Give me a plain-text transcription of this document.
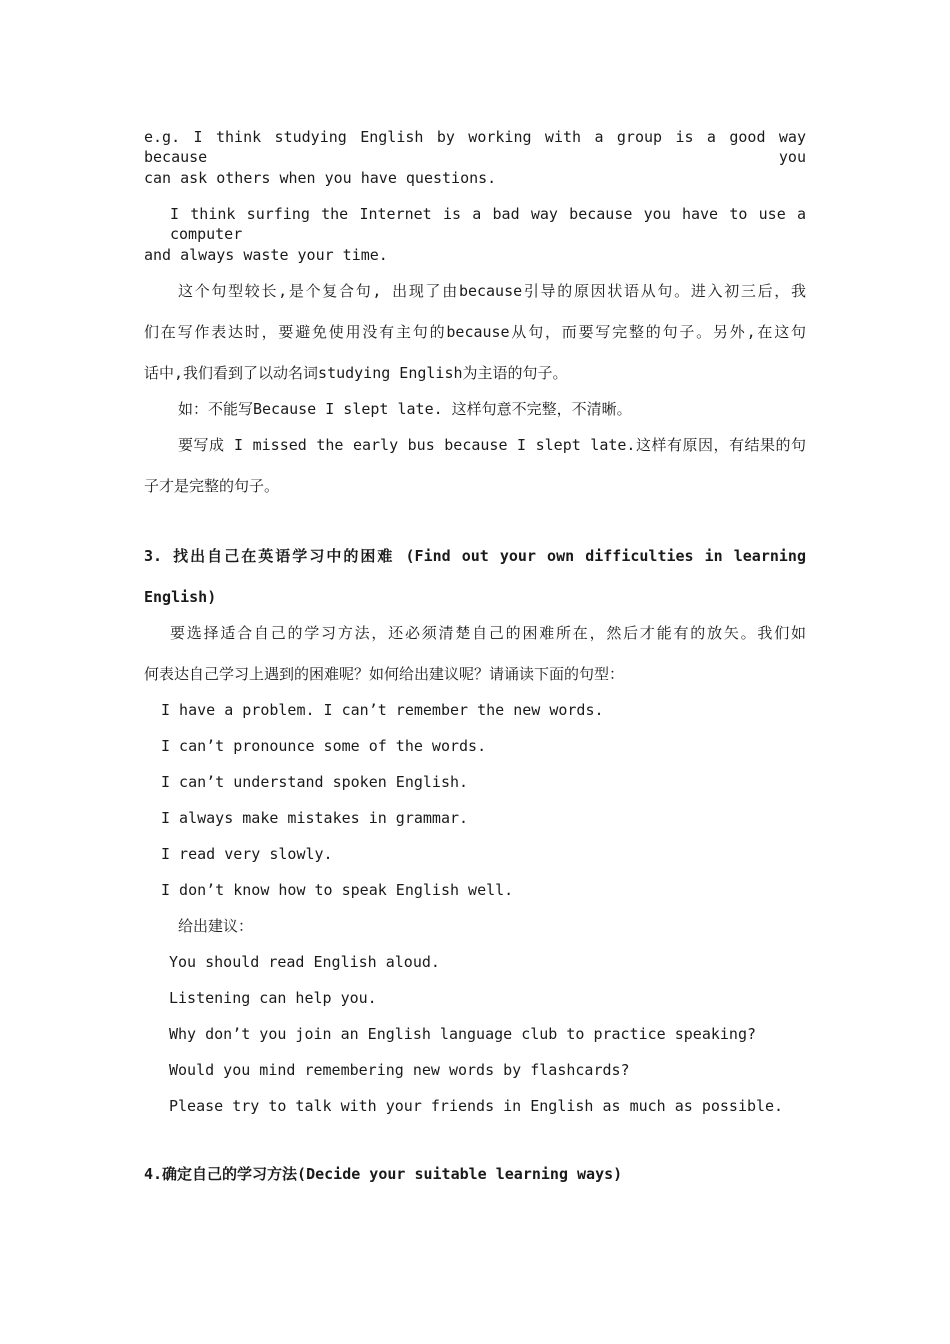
e.g. I think studying English by working with a group is a good way because you
can ask others when you have questions.
I think surfing the Internet is a bad way because you have to use a computer
and always waste your time.
这个句型较长,是个复合句, 出现了由because引导的原因状语从句。进入初三后，我
们在写作表达时，要避免使用没有主句的because从句，而要写完整的句子。另外,在这句
话中,我们看到了以动名词studying English为主语的句子。
如：不能写Because I slept late. 这样句意不完整，不清晰。
要写成 I missed the early bus because I slept late.这样有原因，有结果的句
子才是完整的句子。
3. 找出自己在英语学习中的困难 (Find out your own difficulties in learning
English)
要选择适合自己的学习方法，还必须清楚自己的困难所在，然后才能有的放矢。我们如
何表达自己学习上遇到的困难呢？如何给出建议呢？请诵读下面的句型：
I have a problem. I can’t remember the new words.
I can’t pronounce some of the words.
I can’t understand spoken English.
I always make mistakes in grammar.
I read very slowly.
I don’t know how to speak English well.
给出建议：
You should read English aloud.
Listening can help you.
Why don’t you join an English language club to practice speaking?
Would you mind remembering new words by flashcards?
Please try to talk with your friends in English as much as possible.
4.确定自己的学习方法(Decide your suitable learning ways)
